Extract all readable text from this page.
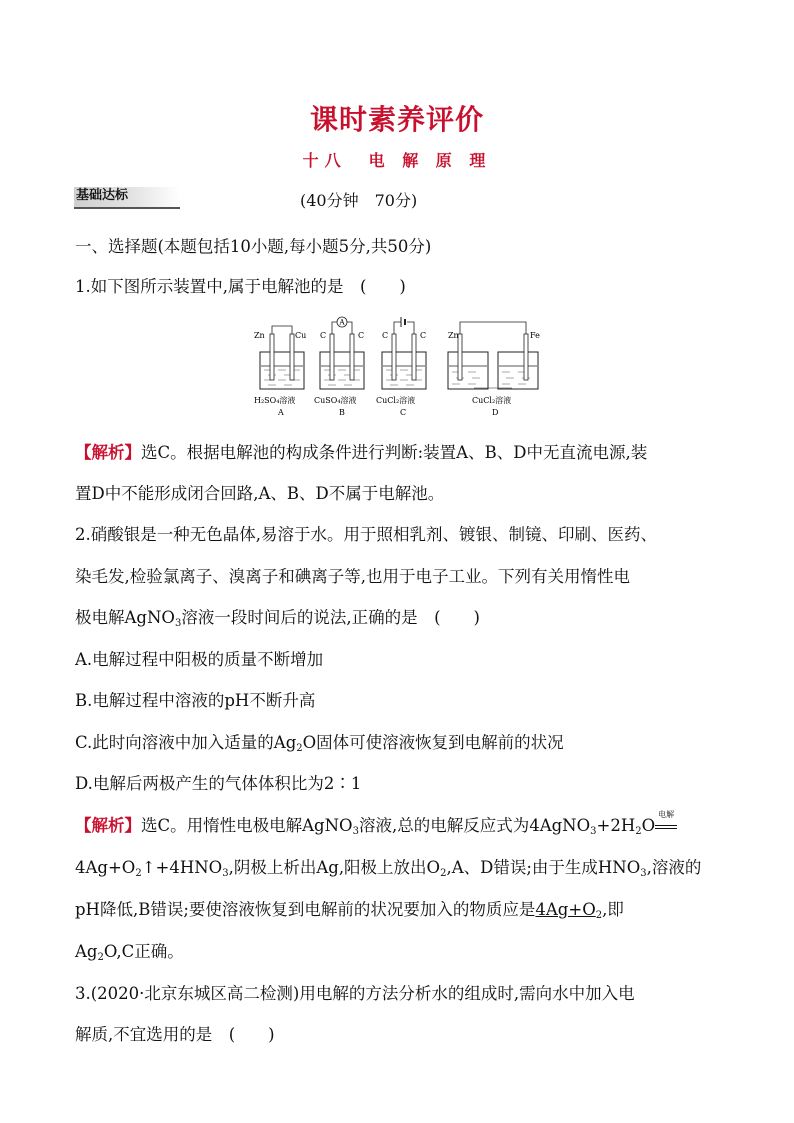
课时素养评价
十八　电 解 原 理
基础达标	(40分钟　70分)
一、选择题(本题包括10小题,每小题5分,共50分)
1.如下图所示装置中,属于电解池的是　(　　)
Zn	Cu
H₂SO₄溶液
A
A
C	C
CuSO₄溶液
B
C	C
CuCl₂溶液
C
Zn	Fe
CuCl₂溶液
D
【解析】选C。根据电解池的构成条件进行判断:装置A、B、D中无直流电源,装
置D中不能形成闭合回路,A、B、D不属于电解池。
2.硝酸银是一种无色晶体,易溶于水。用于照相乳剂、镀银、制镜、印刷、医药、
染毛发,检验氯离子、溴离子和碘离子等,也用于电子工业。下列有关用惰性电
极电解AgNO$_3$溶液一段时间后的说法,正确的是　(　　)
A.电解过程中阳极的质量不断增加
B.电解过程中溶液的pH不断升高
C.此时向溶液中加入适量的$Ag_2O$固体可使溶液恢复到电解前的状况
D.电解后两极产生的气体体积比为2∶1
【解析】选C。用惰性电极电解AgNO$_3$溶液,总的电解反应式为$4AgNO_3+2H_2O$
电解
$4Ag+O_2↑+4HNO_3$,阴极上析出Ag,阳极上放出$O_2,A$、D错误;由于生成$HNO_3$,溶液的
pH降低,B错误;要使溶液恢复到电解前的状况要加入的物质应是$4Ag+O_2$,即
$Ag_2O,C$正确。
3.(2020·北京东城区高二检测)用电解的方法分析水的组成时,需向水中加入电
解质,不宜选用的是　(　　)
